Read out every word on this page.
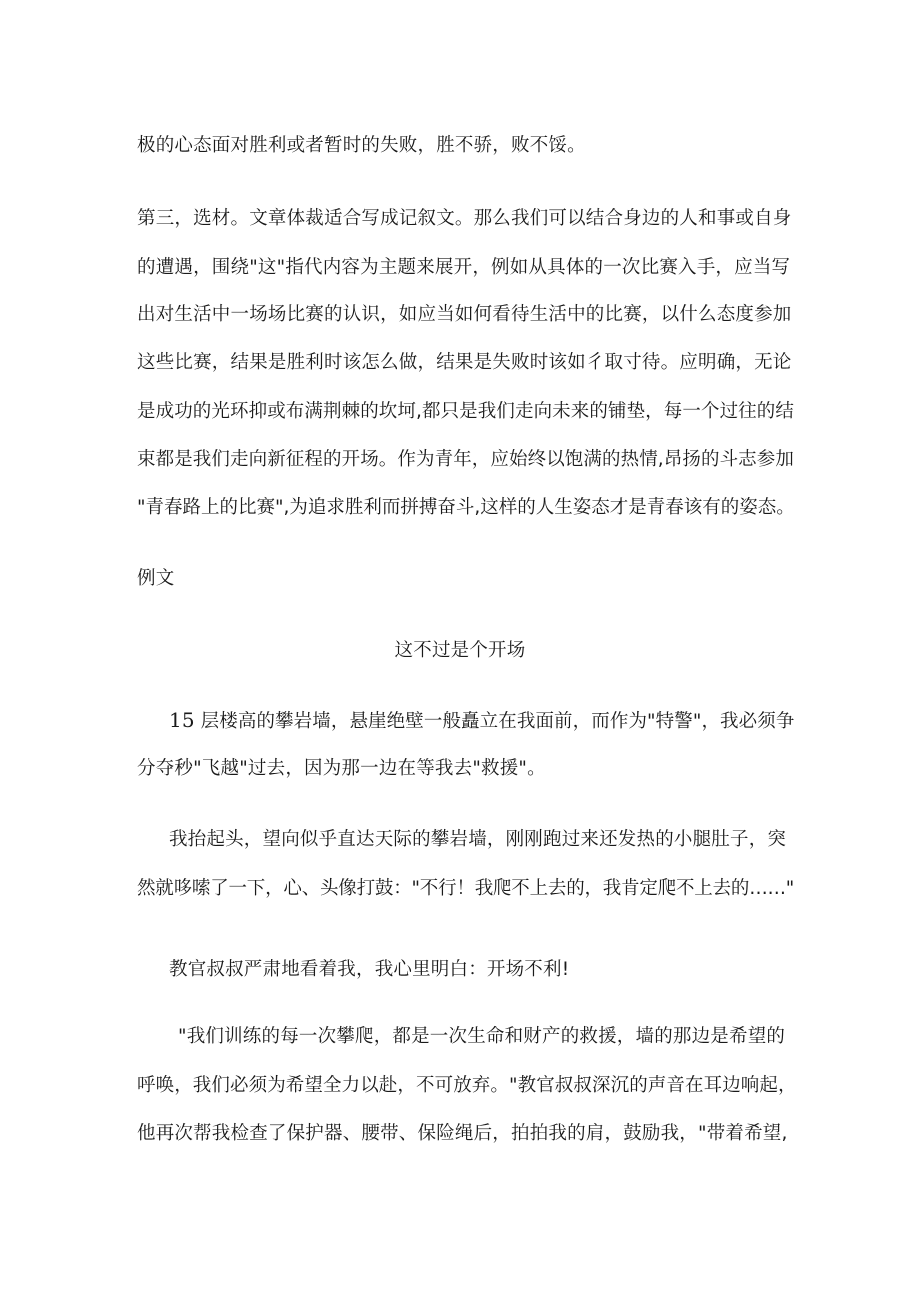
极的心态面对胜利或者暂时的失败，胜不骄，败不馁。
第三，选材。文章体裁适合写成记叙文。那么我们可以结合身边的人和事或自身
的遭遇，围绕"这"指代内容为主题来展开，例如从具体的一次比赛入手，应当写
出对生活中一场场比赛的认识，如应当如何看待生活中的比赛，以什么态度参加
这些比赛，结果是胜利时该怎么做，结果是失败时该如彳取寸待。应明确，无论
是成功的光环抑或布满荆棘的坎坷,都只是我们走向未来的铺垫，每一个过往的结
束都是我们走向新征程的开场。作为青年，应始终以饱满的热情,昂扬的斗志参加
"青春路上的比赛",为追求胜利而拼搏奋斗,这样的人生姿态才是青春该有的姿态。
例文
这不过是个开场
15 层楼高的攀岩墙，悬崖绝壁一般矗立在我面前，而作为"特警"，我必须争
分夺秒"飞越"过去，因为那一边在等我去"救援"。
我抬起头，望向似乎直达天际的攀岩墙，刚刚跑过来还发热的小腿肚子，突
然就哆嗦了一下，心、头像打鼓："不行！我爬不上去的，我肯定爬不上去的……"
教官叔叔严肃地看着我，我心里明白：开场不利!
"我们训练的每一次攀爬，都是一次生命和财产的救援，墙的那边是希望的
呼唤，我们必须为希望全力以赴，不可放弃。"教官叔叔深沉的声音在耳边响起，
他再次帮我检查了保护器、腰带、保险绳后，拍拍我的肩，鼓励我，"带着希望,
